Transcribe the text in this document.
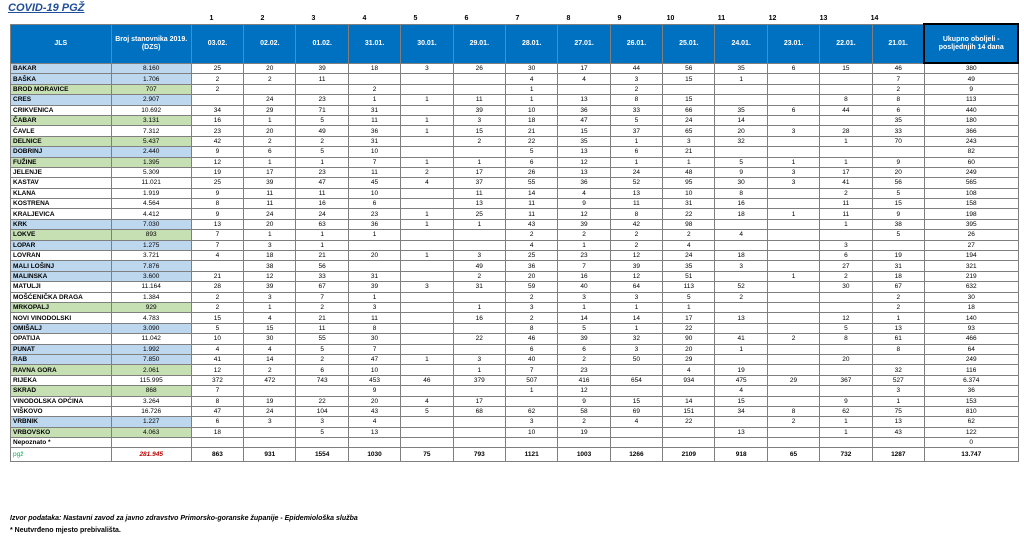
COVID-19 PGŽ
1	2	3	4	5	6	7	8	9	10	11	12	13	14
JLS	Broj stanovnika 2019. (DZS)	03.02.	02.02.	01.02.	31.01.	30.01.	29.01.	28.01.	27.01.	26.01.	25.01.	24.01.	23.01.	22.01.	21.01.	Ukupno oboljeli - posljednjih 14 dana
BAKAR	8.160	25	20	39	18	3	26	30	17	44	56	35	6	15	46	380
BAŠKA	1.706	2	2	11				4	4	3	15	1			7	49
BROD MORAVICE	707	2			2			1		2					2	9
CRES	2.907		24	23	1	1	11	1	13	8	15			8	8	113
CRIKVENICA	10.692	34	29	71	31		39	10	36	33	66	35	6	44	6	440
ČABAR	3.131	16	1	5	11	1	3	18	47	5	24	14			35	180
ČAVLE	7.312	23	20	49	36	1	15	21	15	37	65	20	3	28	33	366
DELNICE	5.437	42	2	2	31		2	22	35	1	3	32		1	70	243
DOBRINJ	2.440	9	6	5	10			5	13	6	21					82
FUŽINE	1.395	12	1	1	7	1	1	6	12	1	1	5	1	1	9	60
JELENJE	5.309	19	17	23	11	2	17	26	13	24	48	9	3	17	20	249
KASTAV	11.021	25	39	47	45	4	37	55	36	52	95	30	3	41	56	565
KLANA	1.919	9	11	11	10		11	14	4	13	10	8		2	5	108
KOSTRENA	4.564	8	11	16	6		13	11	9	11	31	16		11	15	158
KRALJEVICA	4.412	9	24	24	23	1	25	11	12	8	22	18	1	11	9	198
KRK	7.030	13	20	63	36	1	1	43	39	42	98			1	38	395
LOKVE	893	7	1	1	1			2	2	2	2	4			5	26
LOPAR	1.275	7	3	1				4	1	2	4			3		27
LOVRAN	3.721	4	18	21	20	1	3	25	23	12	24	18		6	19	194
MALI LOŠINJ	7.876		38	56			49	36	7	39	35	3		27	31	321
MALINSKA	3.600	21	12	33	31		2	20	16	12	51		1	2	18	219
MATULJI	11.164	28	39	67	39	3	31	59	40	64	113	52		30	67	632
MOŠĆENIČKA DRAGA	1.384	2	3	7	1			2	3	3	5	2			2	30
MRKOPALJ	929	2	1	2	3		1	3	1	1	1				2	18
NOVI VINODOLSKI	4.783	15	4	21	11		16	2	14	14	17	13		12	1	140
OMIŠALJ	3.090	5	15	11	8			8	5	1	22			5	13	93
OPATIJA	11.042	10	30	55	30		22	46	39	32	90	41	2	8	61	466
PUNAT	1.992	4	4	5	7			6	6	3	20	1			8	64
RAB	7.850	41	14	2	47	1	3	40	2	50	29			20		249
RAVNA GORA	2.061	12	2	6	10		1	7	23		4	19			32	116
RIJEKA	115.995	372	472	743	453	46	379	507	416	654	934	475	29	367	527	6.374
SKRAD	868	7			9			1	12			4			3	36
VINODOLSKA OPĆINA	3.264	8	19	22	20	4	17		9	15	14	15		9	1	153
VIŠKOVO	16.726	47	24	104	43	5	68	62	58	69	151	34	8	62	75	810
VRBNIK	1.227	6	3	3	4			3	2	4	22		2	1	13	62
VRBOVSKO	4.063	18		5	13			10	19			13		1	43	122
Nepoznato *																0
pgž	281.945	863	931	1554	1030	75	793	1121	1003	1266	2109	918	65	732	1287	13.747
Izvor podataka: Nastavni zavod za javno zdravstvo Primorsko-goranske županije - Epidemiološka služba
* Neutvrđeno mjesto prebivališta.
